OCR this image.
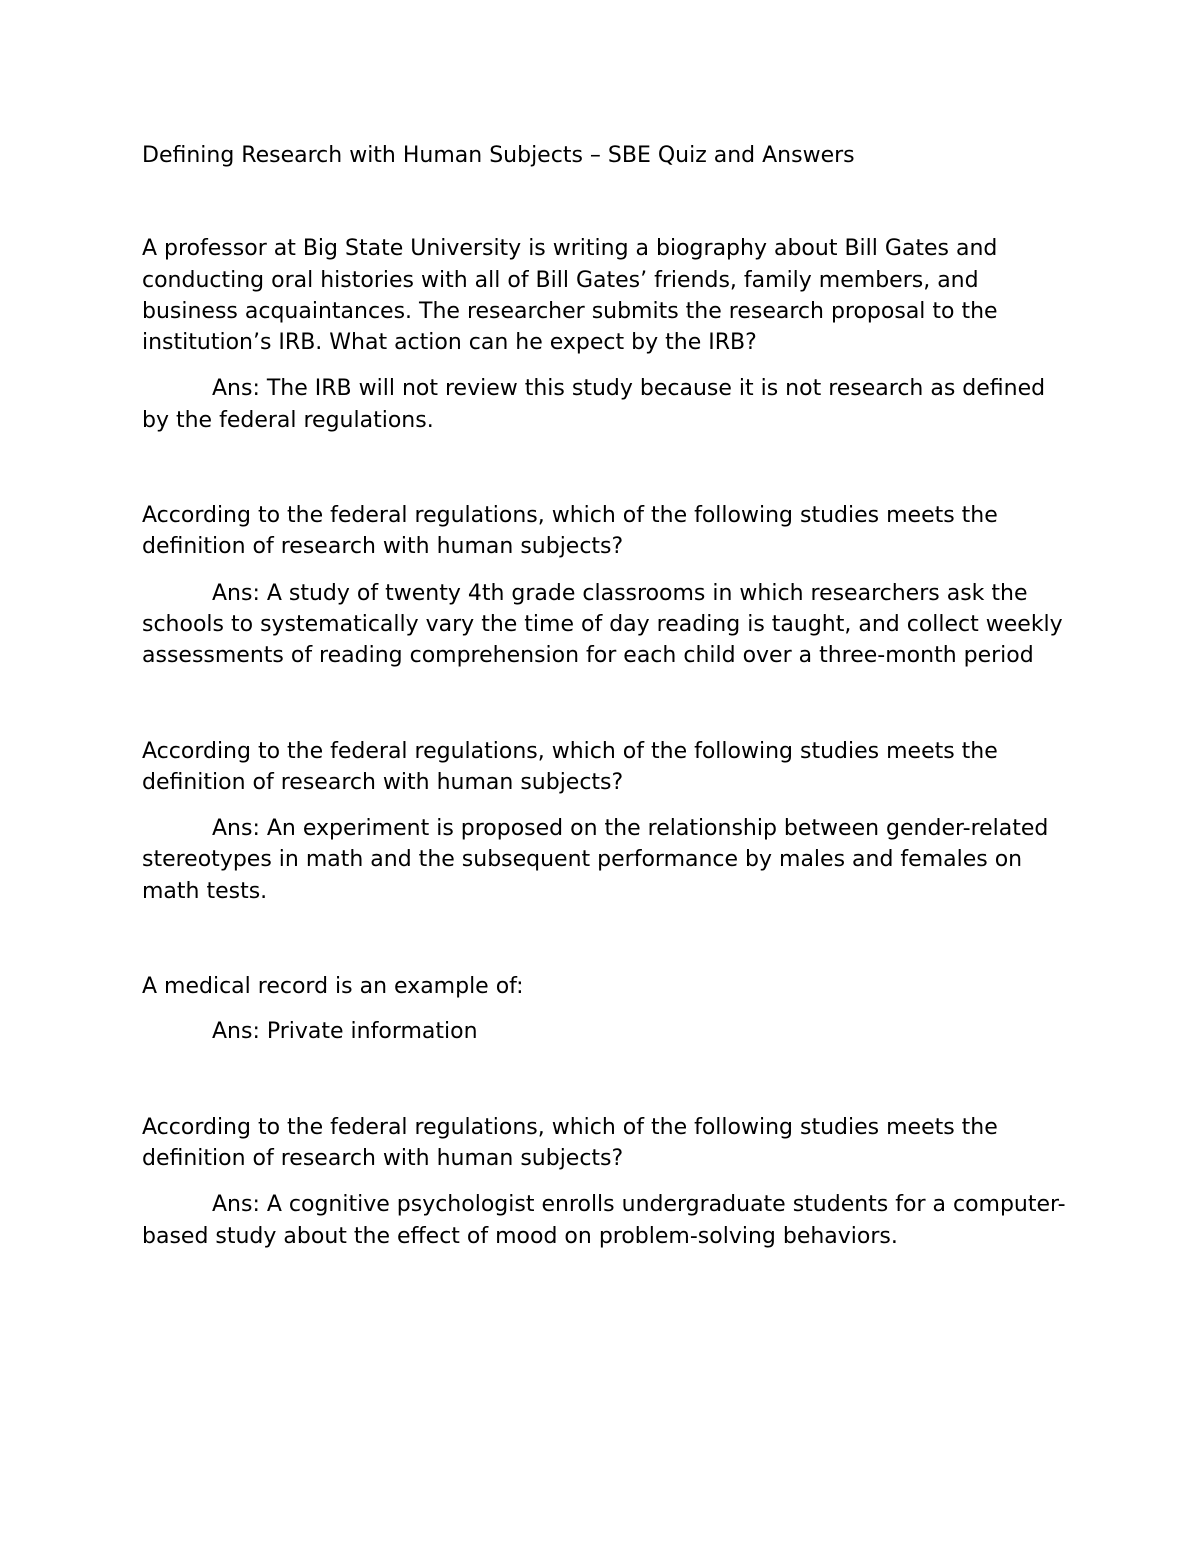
Defining Research with Human Subjects – SBE Quiz and Answers

A professor at Big State University is writing a biography about Bill Gates and conducting oral histories with all of Bill Gates’ friends, family members, and business acquaintances. The researcher submits the research proposal to the institution’s IRB. What action can he expect by the IRB?

Ans: The IRB will not review this study because it is not research as defined by the federal regulations.

According to the federal regulations, which of the following studies meets the definition of research with human subjects?

Ans: A study of twenty 4th grade classrooms in which researchers ask the schools to systematically vary the time of day reading is taught, and collect weekly assessments of reading comprehension for each child over a three-month period

According to the federal regulations, which of the following studies meets the definition of research with human subjects?

Ans: An experiment is proposed on the relationship between gender-related stereotypes in math and the subsequent performance by males and females on math tests.

A medical record is an example of:

Ans: Private information

According to the federal regulations, which of the following studies meets the definition of research with human subjects?

Ans: A cognitive psychologist enrolls undergraduate students for a computer-based study about the effect of mood on problem-solving behaviors.
